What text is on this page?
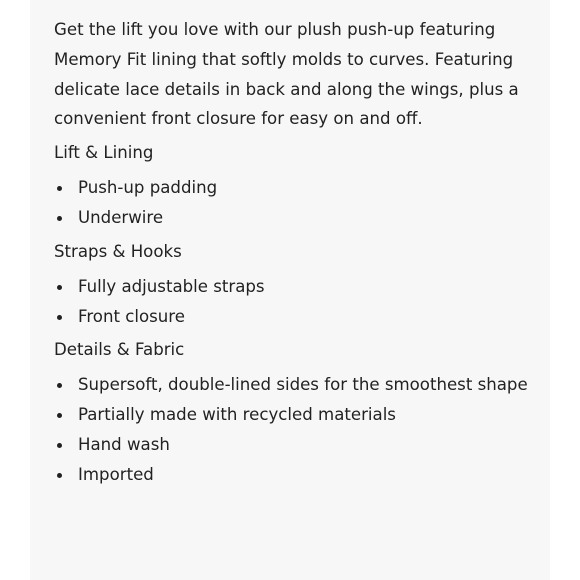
Get the lift you love with our plush push-up featuring Memory Fit lining that softly molds to curves. Featuring delicate lace details in back and along the wings, plus a convenient front closure for easy on and off.

Lift & Lining
Push-up padding
Underwire
Straps & Hooks
Fully adjustable straps
Front closure
Details & Fabric
Supersoft, double-lined sides for the smoothest shape
Partially made with recycled materials
Hand wash
Imported
